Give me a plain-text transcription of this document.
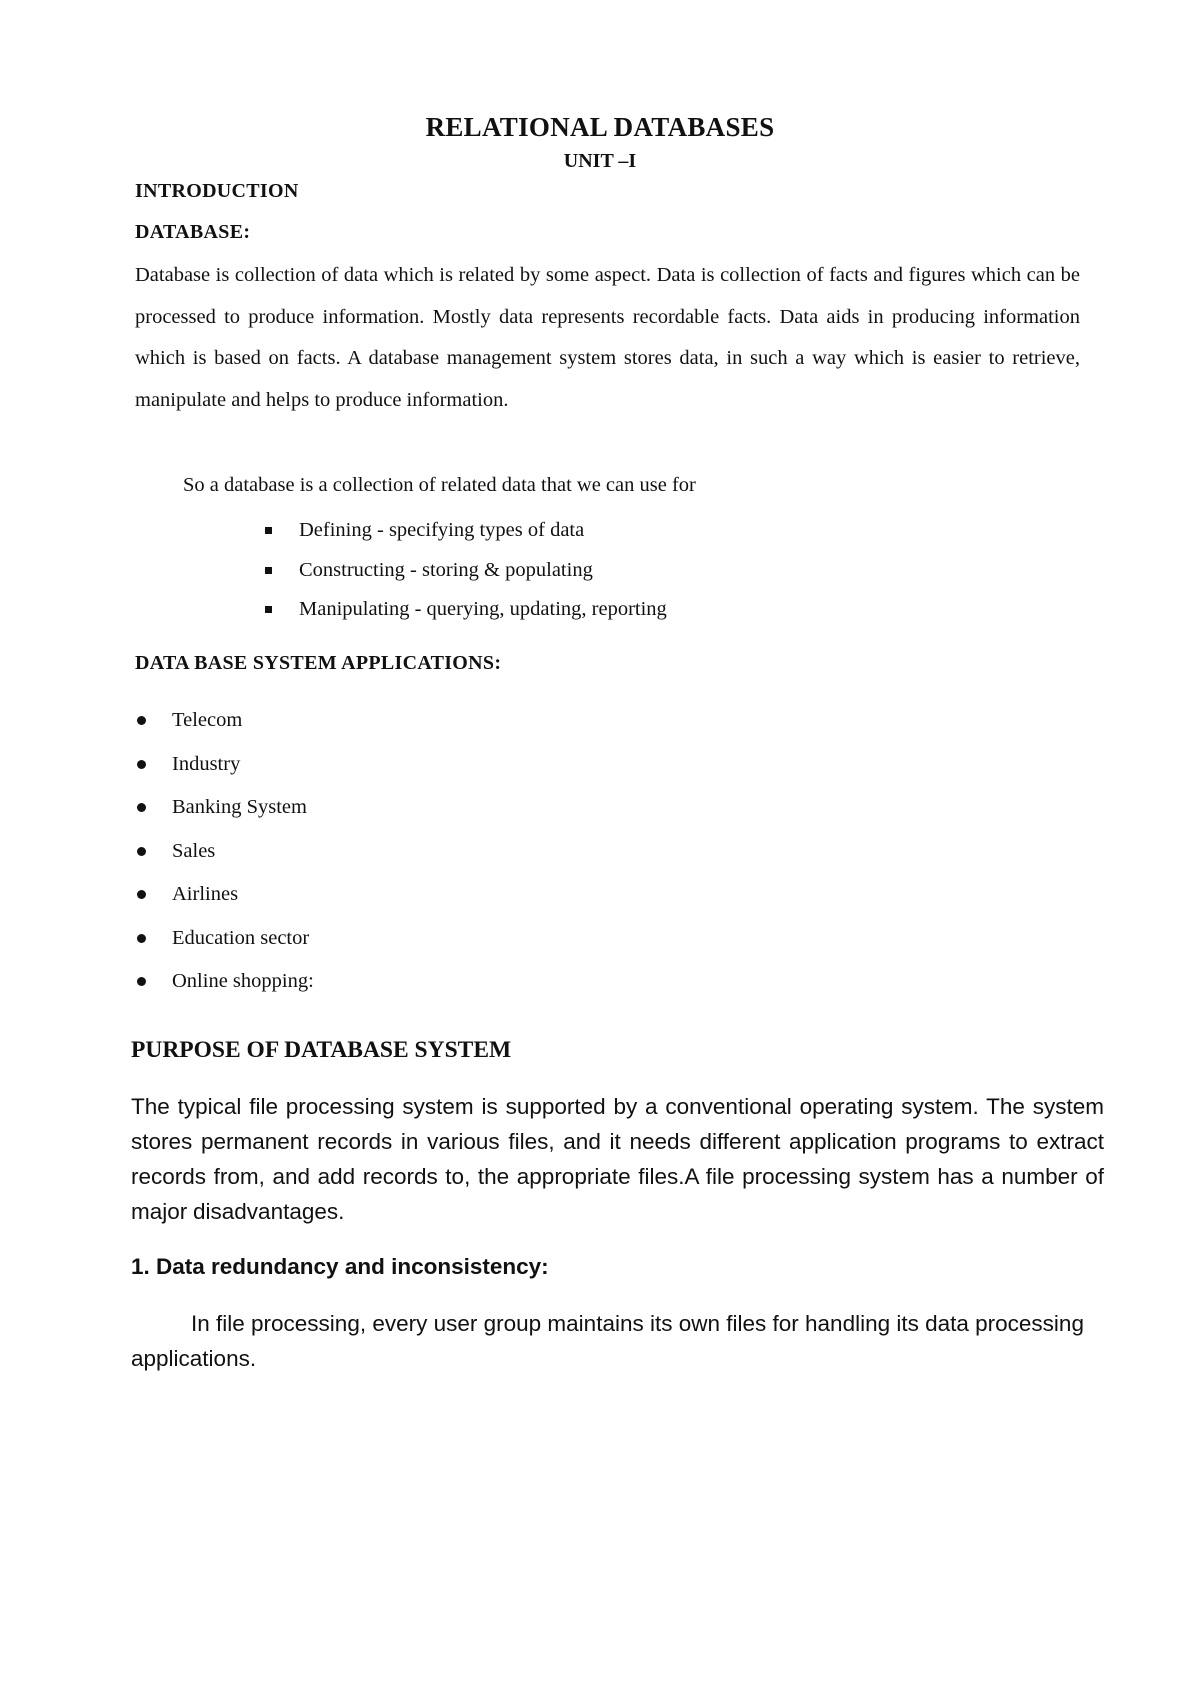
RELATIONAL DATABASES
UNIT –I
INTRODUCTION
DATABASE:
Database is collection of data which is related by some aspect. Data is collection of facts and figures which can be processed to produce information. Mostly data represents recordable facts. Data aids in producing information which is based on facts. A database management system stores data, in such a way which is easier to retrieve, manipulate and helps to produce information.
So a database is a collection of related data that we can use for
Defining - specifying types of data
Constructing - storing & populating
Manipulating - querying, updating, reporting
DATA BASE SYSTEM APPLICATIONS:
Telecom
Industry
Banking System
Sales
Airlines
Education sector
Online shopping:
PURPOSE OF DATABASE SYSTEM
The typical file processing system is supported by a conventional operating system. The system stores permanent records in various files, and it needs different application programs to extract records from, and add records to, the appropriate files.A file processing system has a number of major disadvantages.
1. Data redundancy and inconsistency:
In file processing, every user group maintains its own files for handling its data processing applications.
